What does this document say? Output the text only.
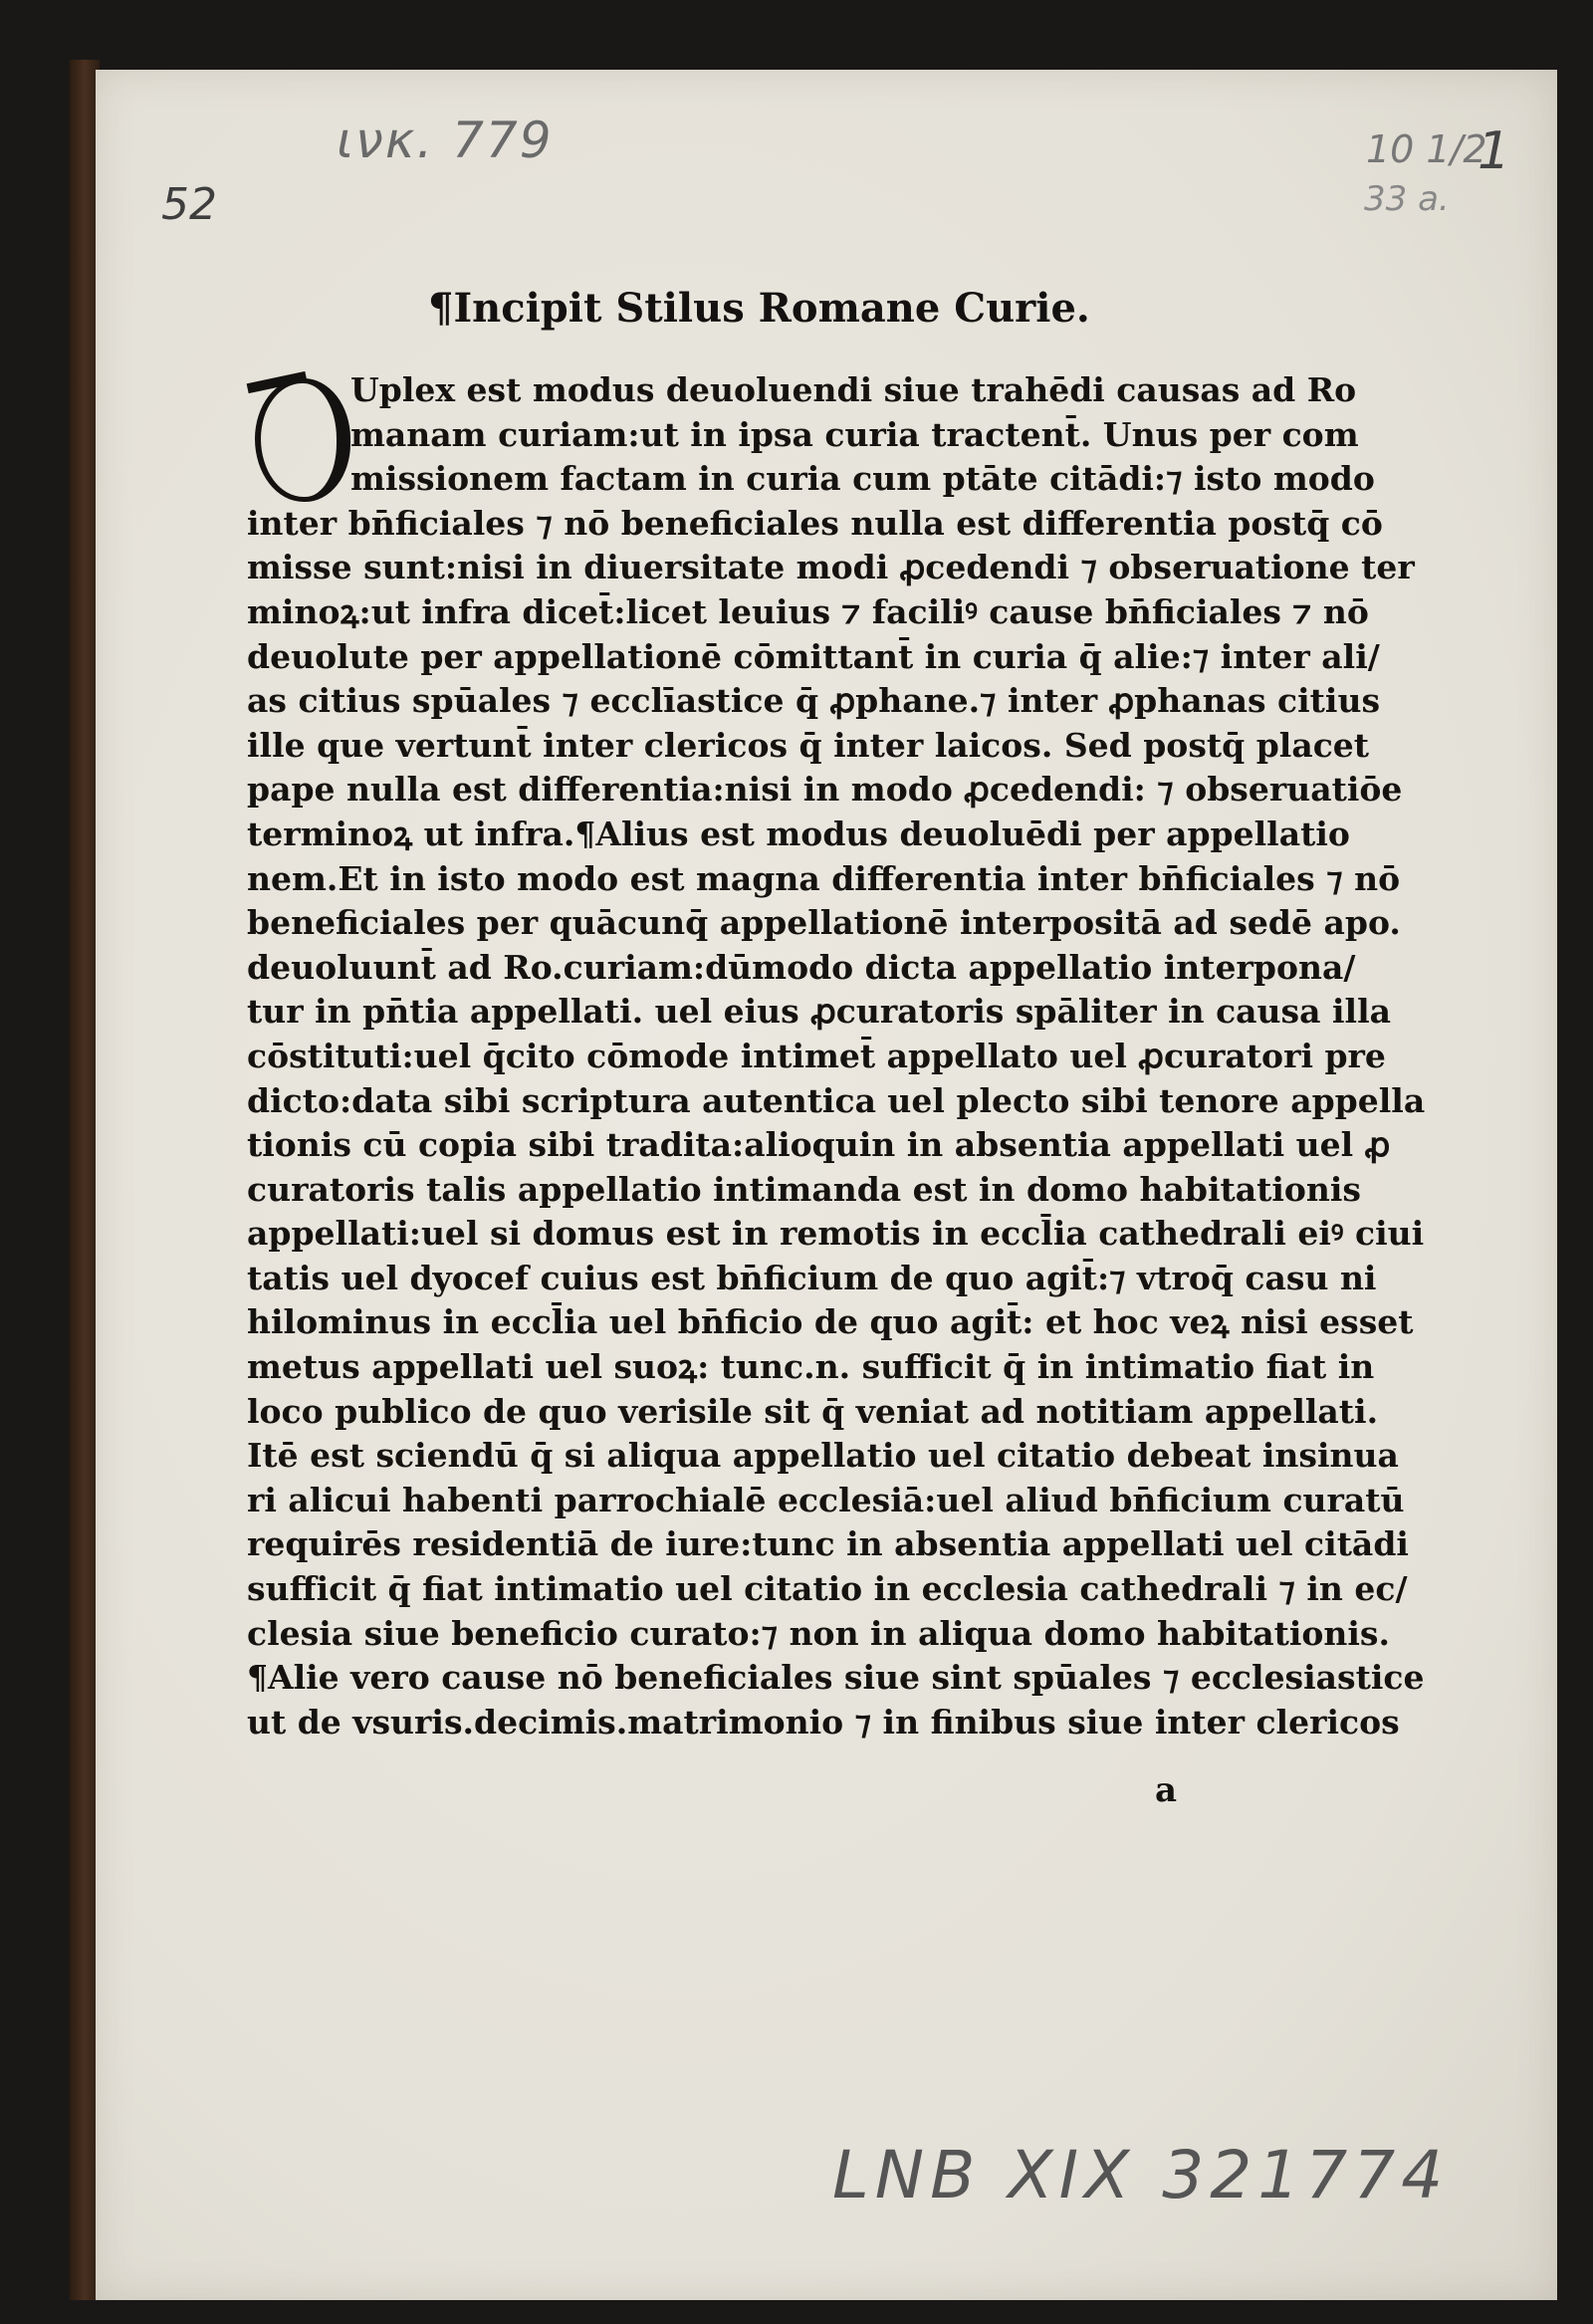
ινκ. 779
52
10 1/2
1
33 a.
¶Incipit Stilus Romane Curie.
Uplex est modus deuoluendi siue trahēdi causas ad Ro
manam curiam:ut in ipsa curia tractent̄. Unus per com
missionem factam in curia cum ptāte citādi:⁊ isto modo
inter bn̄ficiales ⁊ nō beneficiales nulla est differentia postq̄ cō
misse sunt:nisi in diuersitate modi ꝓcedendi ⁊ obseruatione ter
minoꝝ:ut infra dicet̄:licet leuius ⁊ faciliꝰ cause bn̄ficiales ⁊ nō
deuolute per appellationē cōmittant̄ in curia q̄ alie:⁊ inter ali/
as citius spūales ⁊ ecclīastice q̄ ꝓphane.⁊ inter ꝓphanas citius
ille que vertunt̄ inter clericos q̄ inter laicos. Sed postq̄ placet
pape nulla est differentia:nisi in modo ꝓcedendi: ⁊ obseruatiōe
terminoꝝ ut infra.¶Alius est modus deuoluēdi per appellatio
nem.Et in isto modo est magna differentia inter bn̄ficiales ⁊ nō
beneficiales per quācunq̄ appellationē interpositā ad sedē apo.
deuoluunt̄ ad Ro.curiam:dūmodo dicta appellatio interpona/
tur in pn̄tia appellati. uel eius ꝓcuratoris spāliter in causa illa
cōstituti:uel q̄cito cōmode intimet̄ appellato uel ꝓcuratori pre
dicto:data sibi scriptura autentica uel plecto sibi tenore appella
tionis cū copia sibi tradita:alioquin in absentia appellati uel ꝓ
curatoris talis appellatio intimanda est in domo habitationis
appellati:uel si domus est in remotis in eccl̄ia cathedrali eiꝰ ciui
tatis uel dyocef cuius est bn̄ficium de quo agit̄:⁊ vtroq̄ casu ni
hilominus in eccl̄ia uel bn̄ficio de quo agit̄: et hoc veꝝ nisi esset
metus appellati uel suoꝝ: tunc.n. sufficit q̄ in intimatio fiat in
loco publico de quo verisile sit q̄ veniat ad notitiam appellati.
Itē est sciendū q̄ si aliqua appellatio uel citatio debeat insinua
ri alicui habenti parrochialē ecclesiā:uel aliud bn̄ficium curatū
requirēs residentiā de iure:tunc in absentia appellati uel citādi
sufficit q̄ fiat intimatio uel citatio in ecclesia cathedrali ⁊ in ec/
clesia siue beneficio curato:⁊ non in aliqua domo habitationis.
¶Alie vero cause nō beneficiales siue sint spūales ⁊ ecclesiastice
ut de vsuris.decimis.matrimonio ⁊ in finibus siue inter clericos
a
LNB XIX 321774
